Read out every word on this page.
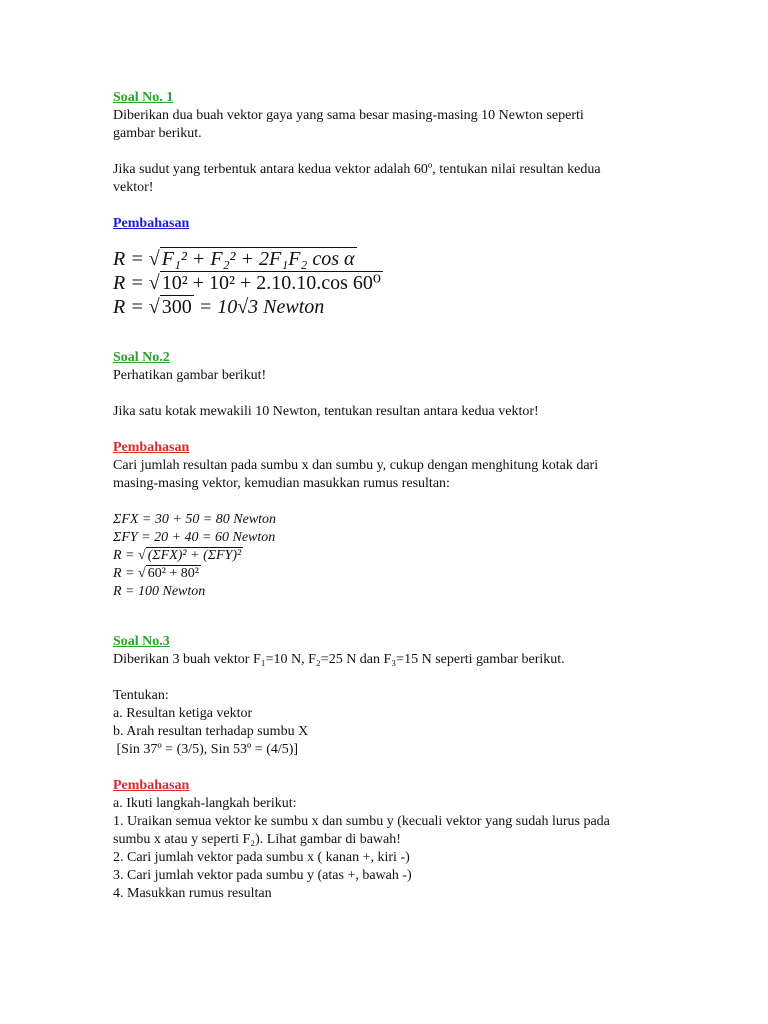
Soal No. 1

Diberikan dua buah vektor gaya yang sama besar masing-masing 10 Newton seperti

gambar berikut.

Jika sudut yang terbentuk antara kedua vektor adalah 60º, tentukan nilai resultan kedua

vektor!

Pembahasan

R = √ F₁² + F₂² + 2F₁F₂ cos α

R = √ 10² + 10² + 2.10.10.cos 60⁰

R = √ 300 = 10√3 Newton

Soal No.2

Perhatikan gambar berikut!

Jika satu kotak mewakili 10 Newton, tentukan resultan antara kedua vektor!

Pembahasan

Cari jumlah resultan pada sumbu x dan sumbu y, cukup dengan menghitung kotak dari

masing-masing vektor, kemudian masukkan rumus resultan:

ΣFX = 30 + 50 = 80 Newton

ΣFY = 20 + 40 = 60 Newton

R = √ (ΣFX)² + (ΣFY)²

R = √ 60² + 80²

R = 100 Newton

Soal No.3

Diberikan 3 buah vektor F₁=10 N, F₂=25 N dan F₃=15 N seperti gambar berikut.

Tentukan:

a. Resultan ketiga vektor

b. Arah resultan terhadap sumbu X

[Sin 37º = (3/5), Sin 53º = (4/5)]

Pembahasan

a. Ikuti langkah-langkah berikut:

1. Uraikan semua vektor ke sumbu x dan sumbu y (kecuali vektor yang sudah lurus pada

sumbu x atau y seperti F₂). Lihat gambar di bawah!

2. Cari jumlah vektor pada sumbu x ( kanan +, kiri -)

3. Cari jumlah vektor pada sumbu y (atas +, bawah -)

4. Masukkan rumus resultan
